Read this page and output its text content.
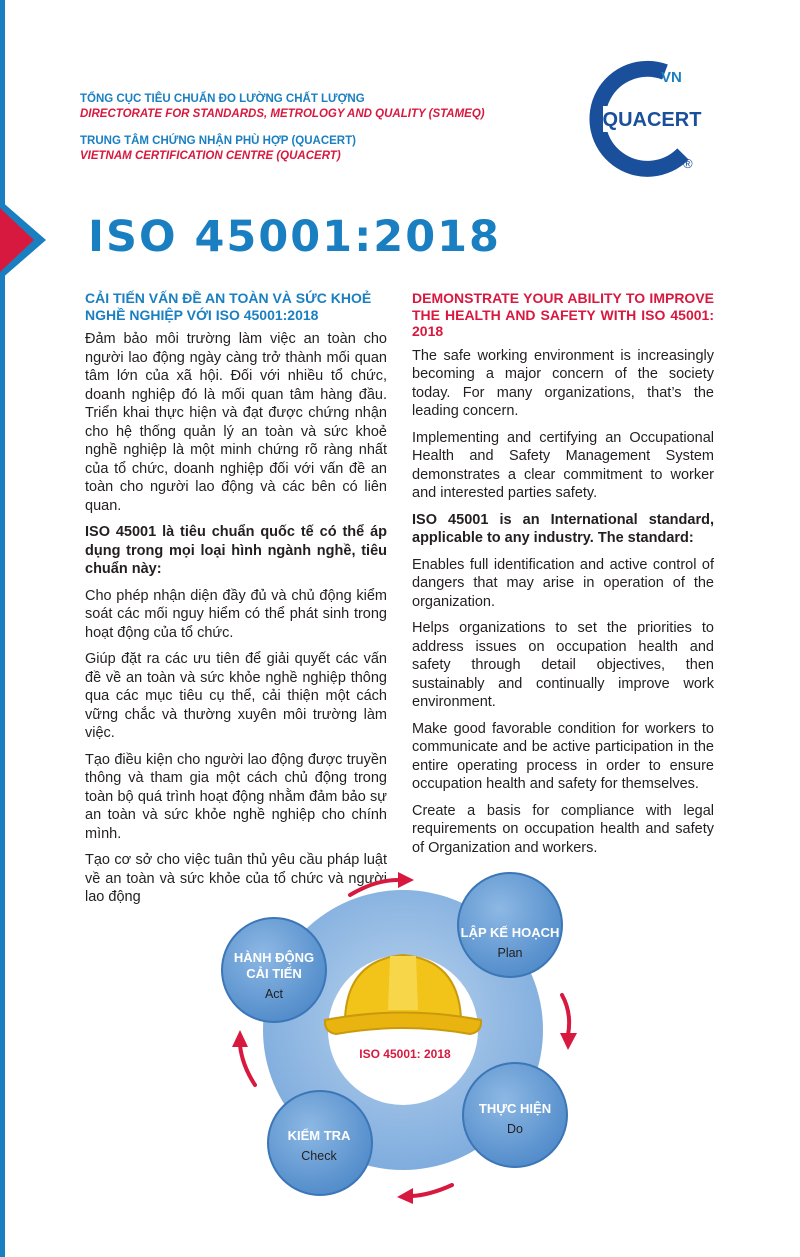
TỔNG CỤC TIÊU CHUẨN ĐO LƯỜNG CHẤT LƯỢNG
DIRECTORATE FOR STANDARDS, METROLOGY AND QUALITY (STAMEQ)
TRUNG TÂM CHỨNG NHẬN PHÙ HỢP (QUACERT)
VIETNAM CERTIFICATION CENTRE (QUACERT)
VN
QUACERT
®
ISO 45001:2018
CẢI TIẾN VẤN ĐỀ AN TOÀN VÀ SỨC KHOẺ NGHỀ NGHIỆP VỚI ISO 45001:2018

Đảm bảo môi trường làm việc an toàn cho người lao động ngày càng trở thành mối quan tâm lớn của xã hội. Đối với nhiều tổ chức, doanh nghiệp đó là mối quan tâm hàng đầu. Triển khai thực hiện và đạt được chứng nhận cho hệ thống quản lý an toàn và sức khoẻ nghề nghiệp là một minh chứng rõ ràng nhất của tổ chức, doanh nghiệp đối với vấn đề an toàn cho người lao động và các bên có liên quan.

ISO 45001 là tiêu chuẩn quốc tế có thể áp dụng trong mọi loại hình ngành nghề, tiêu chuẩn này:

Cho phép nhận diện đầy đủ và chủ động kiểm soát các mối nguy hiểm có thể phát sinh trong hoạt động của tổ chức.

Giúp đặt ra các ưu tiên để giải quyết các vấn đề về an toàn và sức khỏe nghề nghiệp thông qua các mục tiêu cụ thể, cải thiện một cách vững chắc và thường xuyên môi trường làm việc.

Tạo điều kiện cho người lao động được truyền thông và tham gia một cách chủ động trong toàn bộ quá trình hoạt động nhằm đảm bảo sự an toàn và sức khỏe nghề nghiệp cho chính mình.

Tạo cơ sở cho việc tuân thủ yêu cầu pháp luật về an toàn và sức khỏe của tổ chức và người lao động

DEMONSTRATE YOUR ABILITY TO IMPROVE THE HEALTH AND SAFETY WITH ISO 45001: 2018

The safe working environment is increasingly becoming a major concern of the society today. For many organizations, that’s the leading concern.

Implementing and certifying an Occupational Health and Safety Management System demonstrates a clear commitment to worker and interested parties safety.

ISO 45001 is an International standard, applicable to any industry. The standard:

Enables full identification and active control of dangers that may arise in operation of the organization.

Helps organizations to set the priorities to address issues on occupation health and safety through detail objectives, then sustainably and continually improve work environment.

Make good favorable condition for workers to communicate and be active participation in the entire operating process in order to ensure occupation health and safety for themselves.

Create a basis for compliance with legal requirements on occupation health and safety of Organization and workers.

LẬP KẾ HOẠCH
Plan
THỰC HIỆN
Do
KIỂM TRA
Check
HÀNH ĐỘNG
CẢI TIẾN
Act
ISO 45001: 2018
